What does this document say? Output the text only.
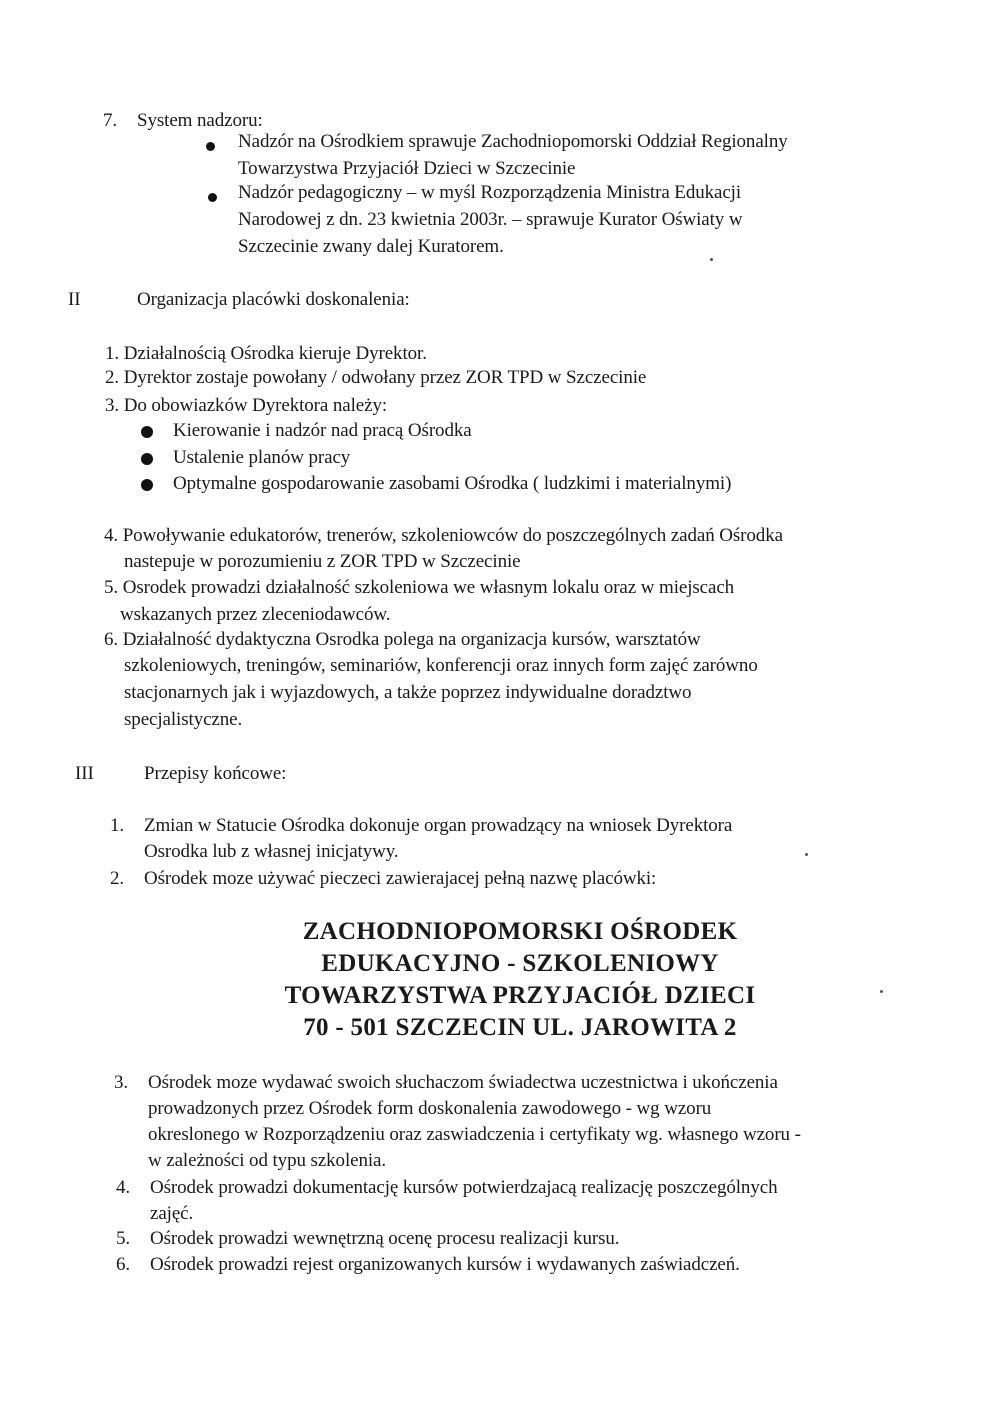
7. System nadzoru:
Nadzór na Ośrodkiem sprawuje Zachodniopomorski Oddział Regionalny
Towarzystwa Przyjaciół Dzieci w Szczecinie
Nadzór pedagogiczny – w myśl Rozporządzenia Ministra Edukacji
Narodowej z dn. 23 kwietnia 2003r. – sprawuje Kurator Oświaty w
Szczecinie zwany dalej Kuratorem.
II	Organizacja placówki doskonalenia:
1. Działalnością Ośrodka kieruje Dyrektor.
2. Dyrektor zostaje powołany / odwołany przez ZOR TPD w Szczecinie
3. Do obowiazków Dyrektora należy:
Kierowanie i nadzór nad pracą Ośrodka
Ustalenie planów pracy
Optymalne gospodarowanie zasobami Ośrodka ( ludzkimi i materialnymi)
4. Powoływanie edukatorów, trenerów, szkoleniowców do poszczególnych zadań Ośrodka
nastepuje w porozumieniu z ZOR TPD w Szczecinie
5. Osrodek prowadzi działalność szkoleniowa we własnym lokalu oraz w miejscach
wskazanych przez zleceniodawców.
6. Działalność dydaktyczna Osrodka polega na organizacja kursów, warsztatów
szkoleniowych, treningów, seminariów, konferencji oraz innych form zajęć zarówno
stacjonarnych jak i wyjazdowych, a także poprzez indywidualne doradztwo
specjalistyczne.
III	Przepisy końcowe:
1. Zmian w Statucie Ośrodka dokonuje organ prowadzący na wniosek Dyrektora
Osrodka lub z własnej inicjatywy.
2. Ośrodek moze używać pieczeci zawierajacej pełną nazwę placówki:
ZACHODNIOPOMORSKI OŚRODEK
EDUKACYJNO - SZKOLENIOWY
TOWARZYSTWA PRZYJACIÓŁ DZIECI
70 - 501 SZCZECIN UL. JAROWITA 2
3. Ośrodek moze wydawać swoich słuchaczom świadectwa uczestnictwa i ukończenia
prowadzonych przez Ośrodek form doskonalenia zawodowego - wg wzoru
okreslonego w Rozporządzeniu oraz zaswiadczenia i certyfikaty wg. własnego wzoru -
w zależności od typu szkolenia.
4. Ośrodek prowadzi dokumentację kursów potwierdzajacą realizację poszczególnych
zajęć.
5. Ośrodek prowadzi wewnętrzną ocenę procesu realizacji kursu.
6. Ośrodek prowadzi rejest organizowanych kursów i wydawanych zaświadczeń.
